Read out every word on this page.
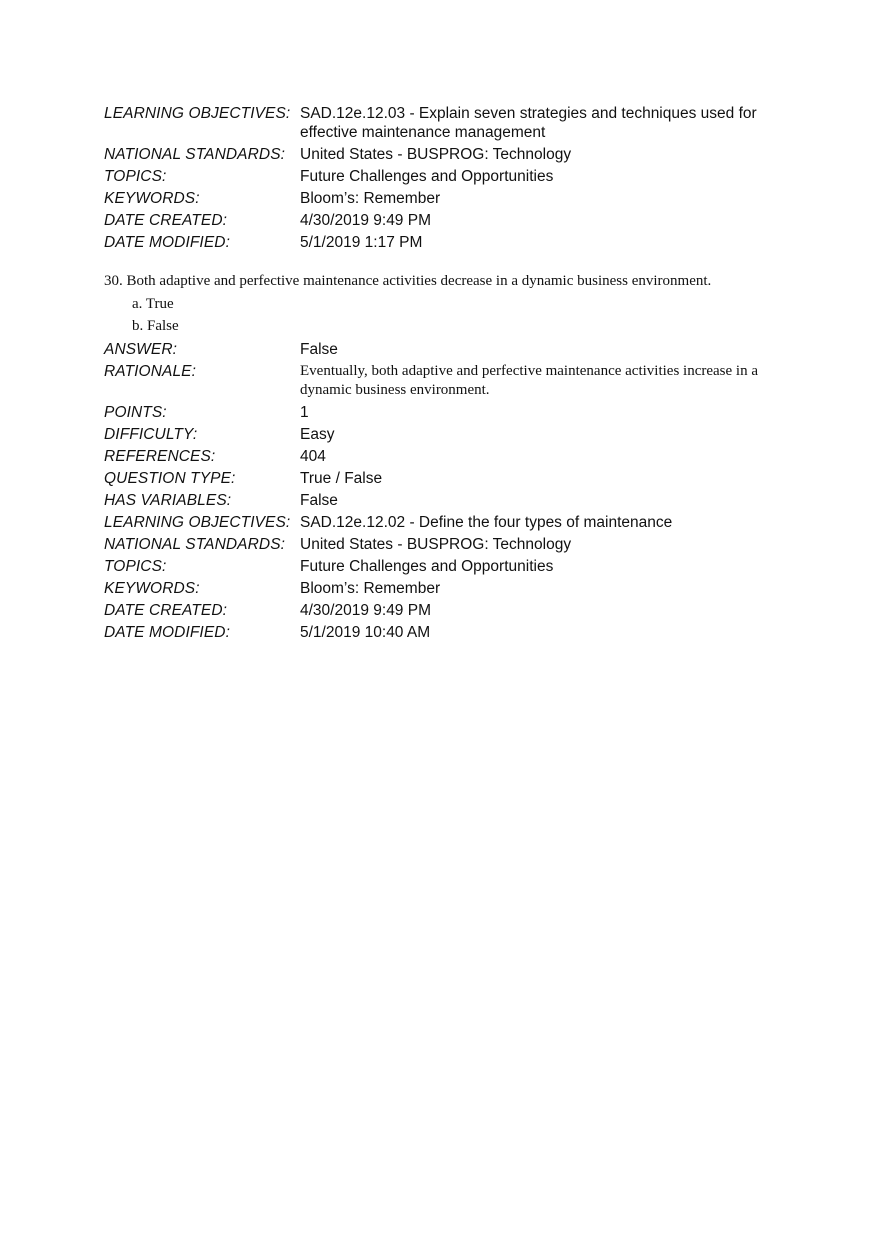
LEARNING OBJECTIVES: SAD.12e.12.03 - Explain seven strategies and techniques used for effective maintenance management
NATIONAL STANDARDS: United States - BUSPROG: Technology
TOPICS:	Future Challenges and Opportunities
KEYWORDS:	Bloom’s: Remember
DATE CREATED:	4/30/2019 9:49 PM
DATE MODIFIED:	5/1/2019 1:17 PM
30. Both adaptive and perfective maintenance activities decrease in a dynamic business environment.
a. True
b. False
ANSWER:	False
RATIONALE:	Eventually, both adaptive and perfective maintenance activities increase in a dynamic business environment.
POINTS:	1
DIFFICULTY:	Easy
REFERENCES:	404
QUESTION TYPE:	True / False
HAS VARIABLES:	False
LEARNING OBJECTIVES: SAD.12e.12.02 - Define the four types of maintenance
NATIONAL STANDARDS: United States - BUSPROG: Technology
TOPICS:	Future Challenges and Opportunities
KEYWORDS:	Bloom’s: Remember
DATE CREATED:	4/30/2019 9:49 PM
DATE MODIFIED:	5/1/2019 10:40 AM
